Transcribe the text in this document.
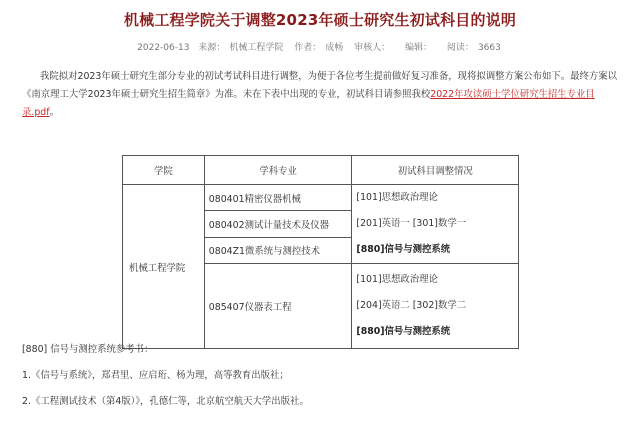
机械工程学院关于调整2023年硕士研究生初试科目的说明
2022-06-13 来源： 机械工程学院 作者： 成畅 审核人： 编辑： 阅读： 3663
我院拟对2023年硕士研究生部分专业的初试考试科目进行调整，为便于各位考生提前做好复习准备，现将拟调整方案公布如下。最终方案以《南京理工大学2023年硕士研究生招生简章》为准。未在下表中出现的专业，初试科目请参照我校2022年攻读硕士学位研究生招生专业目录.pdf。
学院	学科专业	初试科目调整情况
机械工程学院	080401精密仪器机械	[101]思想政治理论
[201]英语一 [301]数学一
[880]信号与测控系统

	080402测试计量技术及仪器	
	0804Z1微系统与测控技术	
	085407仪器表工程	[101]思想政治理论
[204]英语二 [302]数学二
[880]信号与测控系统
[880] 信号与测控系统参考书：
1.《信号与系统》，郑君里、应启珩、杨为理，高等教育出版社；
2.《工程测试技术（第4版）》，孔德仁等，北京航空航天大学出版社。
